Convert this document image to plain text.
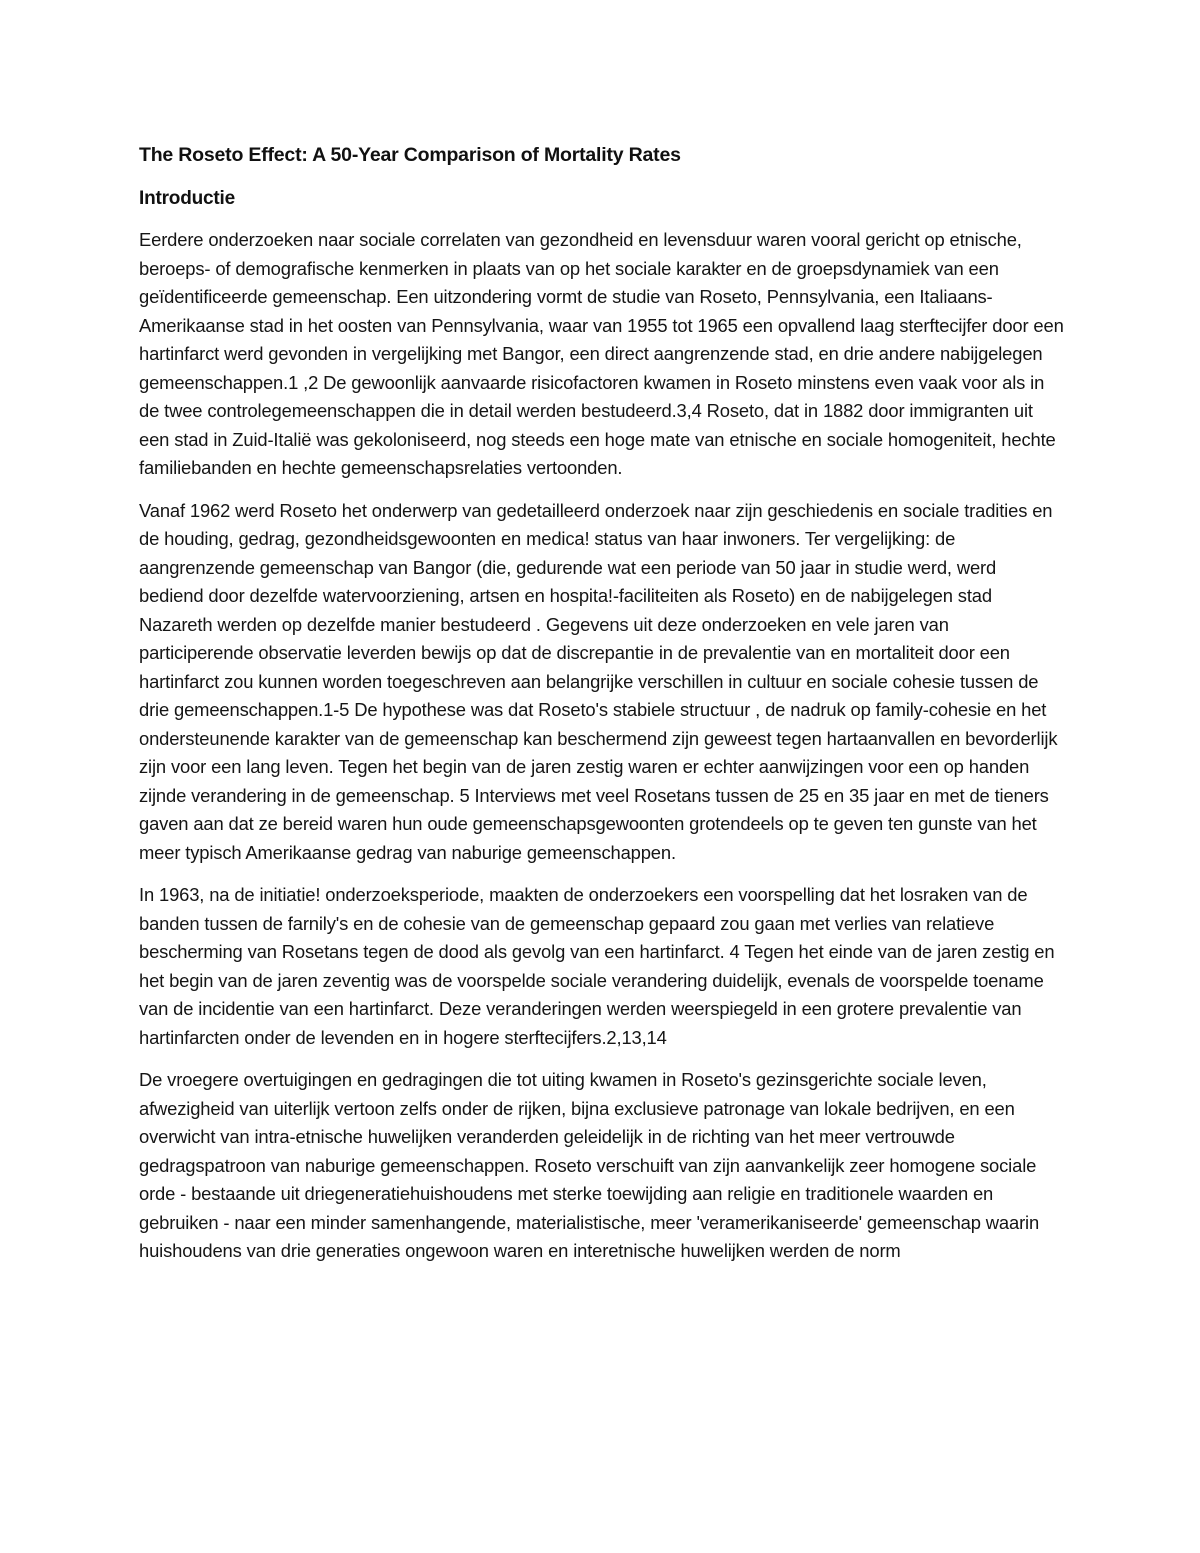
The Roseto Effect: A 50-Year Comparison of Mortality Rates
Introductie

Eerdere onderzoeken naar sociale correlaten van gezondheid en levensduur waren vooral gericht op etnische, beroeps- of demografische kenmerken in plaats van op het sociale karakter en de groepsdynamiek van een geïdentificeerde gemeenschap. Een uitzondering vormt de studie van Roseto, Pennsylvania, een Italiaans-Amerikaanse stad in het oosten van Pennsylvania, waar van 1955 tot 1965 een opvallend laag sterftecijfer door een hartinfarct werd gevonden in vergelijking met Bangor, een direct aangrenzende stad, en drie andere nabijgelegen gemeenschappen.1 ,2 De gewoonlijk aanvaarde risicofactoren kwamen in Roseto minstens even vaak voor als in de twee controlegemeenschappen die in detail werden bestudeerd.3,4 Roseto, dat in 1882 door immigranten uit een stad in Zuid-Italië was gekoloniseerd, nog steeds een hoge mate van etnische en sociale homogeniteit, hechte familiebanden en hechte gemeenschapsrelaties vertoonden.

Vanaf 1962 werd Roseto het onderwerp van gedetailleerd onderzoek naar zijn geschiedenis en sociale tradities en de houding, gedrag, gezondheidsgewoonten en medica! status van haar inwoners. Ter vergelijking: de aangrenzende gemeenschap van Bangor (die, gedurende wat een periode van 50 jaar in studie werd, werd bediend door dezelfde watervoorziening, artsen en hospita!-faciliteiten als Roseto) en de nabijgelegen stad Nazareth werden op dezelfde manier bestudeerd . Gegevens uit deze onderzoeken en vele jaren van participerende observatie leverden bewijs op dat de discrepantie in de prevalentie van en mortaliteit door een hartinfarct zou kunnen worden toegeschreven aan belangrijke verschillen in cultuur en sociale cohesie tussen de drie gemeenschappen.1-5 De hypothese was dat Roseto's stabiele structuur , de nadruk op family-cohesie en het ondersteunende karakter van de gemeenschap kan beschermend zijn geweest tegen hartaanvallen en bevorderlijk zijn voor een lang leven. Tegen het begin van de jaren zestig waren er echter aanwijzingen voor een op handen zijnde verandering in de gemeenschap. 5 Interviews met veel Rosetans tussen de 25 en 35 jaar en met de tieners gaven aan dat ze bereid waren hun oude gemeenschapsgewoonten grotendeels op te geven ten gunste van het meer typisch Amerikaanse gedrag van naburige gemeenschappen.

In 1963, na de initiatie! onderzoeksperiode, maakten de onderzoekers een voorspelling dat het losraken van de banden tussen de farnily's en de cohesie van de gemeenschap gepaard zou gaan met verlies van relatieve bescherming van Rosetans tegen de dood als gevolg van een hartinfarct. 4 Tegen het einde van de jaren zestig en het begin van de jaren zeventig was de voorspelde sociale verandering duidelijk, evenals de voorspelde toename van de incidentie van een hartinfarct. Deze veranderingen werden weerspiegeld in een grotere prevalentie van hartinfarcten onder de levenden en in hogere sterftecijfers.2,13,14

De vroegere overtuigingen en gedragingen die tot uiting kwamen in Roseto's gezinsgerichte sociale leven, afwezigheid van uiterlijk vertoon zelfs onder de rijken, bijna exclusieve patronage van lokale bedrijven, en een overwicht van intra-etnische huwelijken veranderden geleidelijk in de richting van het meer vertrouwde gedragspatroon van naburige gemeenschappen. Roseto verschuift van zijn aanvankelijk zeer homogene sociale orde - bestaande uit driegeneratiehuishoudens met sterke toewijding aan religie en traditionele waarden en gebruiken - naar een minder samenhangende, materialistische, meer 'veramerikaniseerde' gemeenschap waarin huishoudens van drie generaties ongewoon waren en interetnische huwelijken werden de norm
